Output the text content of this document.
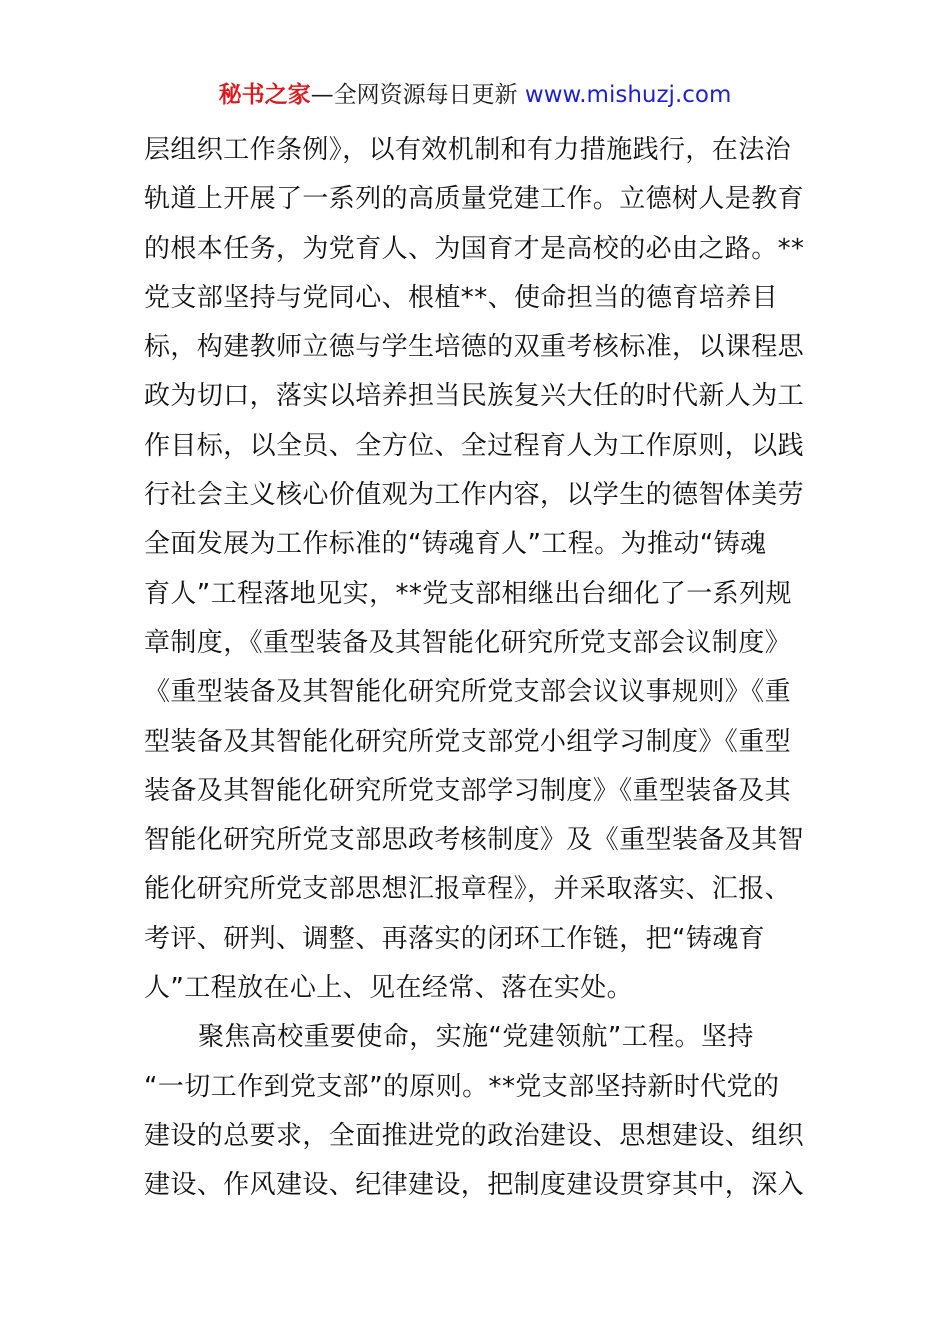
秘书之家—全网资源每日更新 www.mishuzj.com
层组织工作条例》，以有效机制和有力措施践行，在法治
轨道上开展了一系列的高质量党建工作。立德树人是教育
的根本任务，为党育人、为国育才是高校的必由之路。**
党支部坚持与党同心、根植**、使命担当的德育培养目
标，构建教师立德与学生培德的双重考核标准，以课程思
政为切口，落实以培养担当民族复兴大任的时代新人为工
作目标，以全员、全方位、全过程育人为工作原则，以践
行社会主义核心价值观为工作内容，以学生的德智体美劳
全面发展为工作标准的“铸魂育人”工程。为推动“铸魂
育人”工程落地见实，**党支部相继出台细化了一系列规
章制度，《重型装备及其智能化研究所党支部会议制度》
《重型装备及其智能化研究所党支部会议议事规则》《重
型装备及其智能化研究所党支部党小组学习制度》《重型
装备及其智能化研究所党支部学习制度》《重型装备及其
智能化研究所党支部思政考核制度》及《重型装备及其智
能化研究所党支部思想汇报章程》，并采取落实、汇报、
考评、研判、调整、再落实的闭环工作链，把“铸魂育
人”工程放在心上、见在经常、落在实处。
聚焦高校重要使命，实施“党建领航”工程。坚持
“一切工作到党支部”的原则。**党支部坚持新时代党的
建设的总要求，全面推进党的政治建设、思想建设、组织
建设、作风建设、纪律建设，把制度建设贯穿其中，深入
